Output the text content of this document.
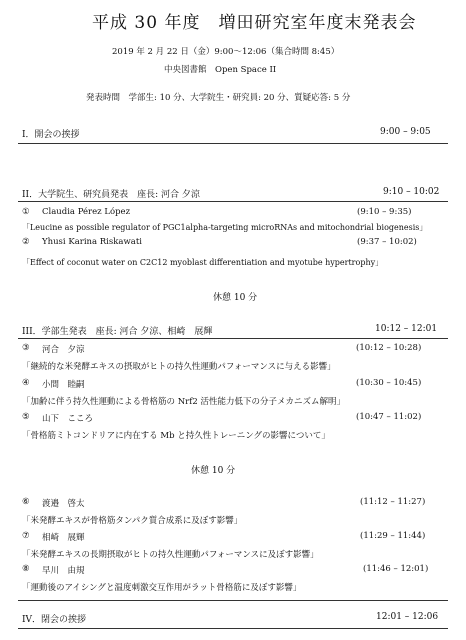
平成 30 年度　増田研究室年度末発表会
2019 年 2 月 22 日（金）9:00～12:06（集合時間 8:45）
中央図書館　Open Space II
発表時間　学部生: 10 分、大学院生・研究員: 20 分、質疑応答: 5 分
I．開会の挨拶	9:00 – 9:05
II．大学院生、研究員発表　座長: 河合 夕涼	9:10 – 10:02
① Claudia Pérez López	(9:10 – 9:35)
「Leucine as possible regulator of PGC1alpha-targeting microRNAs and mitochondrial biogenesis」
② Yhusi Karina Riskawati	(9:37 – 10:02)
「Effect of coconut water on C2C12 myoblast differentiation and myotube hypertrophy」
休憩 10 分
III．学部生発表　座長: 河合 夕涼、相崎　展輝	10:12 – 12:01
③ 河合　夕涼	(10:12 – 10:28)
「継続的な米発酵エキスの摂取がヒトの持久性運動パフォーマンスに与える影響」
④ 小間　睦嗣	(10:30 – 10:45)
「加齢に伴う持久性運動による骨格筋の Nrf2 活性能力低下の分子メカニズム解明」
⑤ 山下　こころ	(10:47 – 11:02)
「骨格筋ミトコンドリアに内在する Mb と持久性トレーニングの影響について」
休憩 10 分
⑥ 渡邉　啓太	(11:12 – 11:27)
「米発酵エキスが骨格筋タンパク質合成系に及ぼす影響」
⑦ 相崎　展輝	(11:29 – 11:44)
「米発酵エキスの長期摂取がヒトの持久性運動パフォーマンスに及ぼす影響」
⑧ 早川　由規	(11:46 – 12:01)
「運動後のアイシングと温度刺激交互作用がラット骨格筋に及ぼす影響」
IV．閉会の挨拶	12:01 – 12:06
